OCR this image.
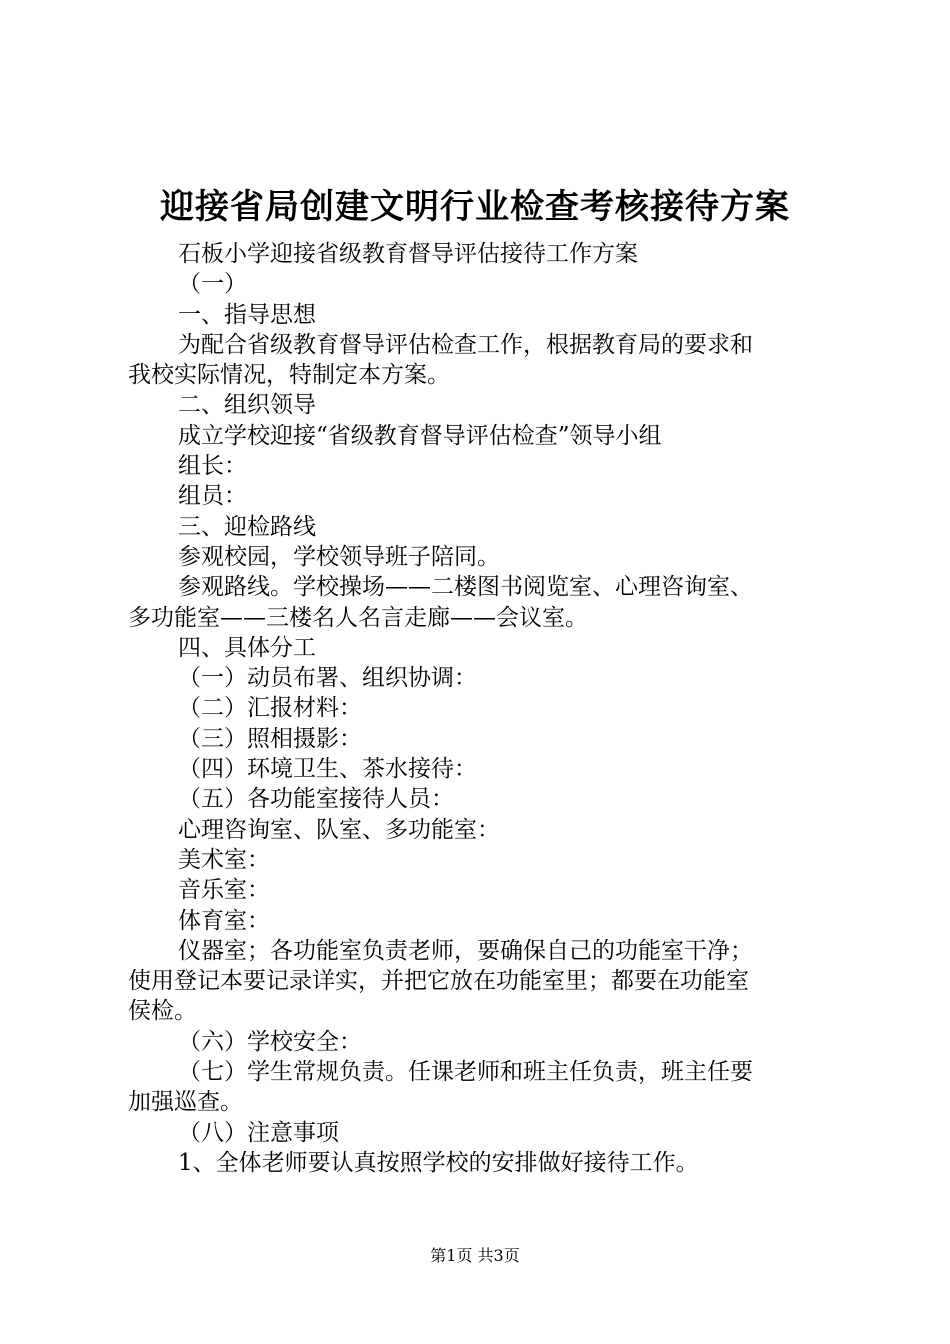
迎接省局创建文明行业检查考核接待方案

石板小学迎接省级教育督导评估接待工作方案

（一）

一、指导思想

为配合省级教育督导评估检查工作，根据教育局的要求和

我校实际情况，特制定本方案。

二、组织领导

成立学校迎接“省级教育督导评估检查”领导小组

组长：

组员：

三、迎检路线

参观校园，学校领导班子陪同。

参观路线。学校操场——二楼图书阅览室、心理咨询室、

多功能室——三楼名人名言走廊——会议室。

四、具体分工

（一）动员布署、组织协调：

（二）汇报材料：

（三）照相摄影：

（四）环境卫生、茶水接待：

（五）各功能室接待人员：

心理咨询室、队室、多功能室：

美术室：

音乐室：

体育室：

仪器室；各功能室负责老师，要确保自己的功能室干净；

使用登记本要记录详实，并把它放在功能室里；都要在功能室

侯检。

（六）学校安全：

（七）学生常规负责。任课老师和班主任负责，班主任要

加强巡查。

（八）注意事项

1、全体老师要认真按照学校的安排做好接待工作。

第1页 共3页
